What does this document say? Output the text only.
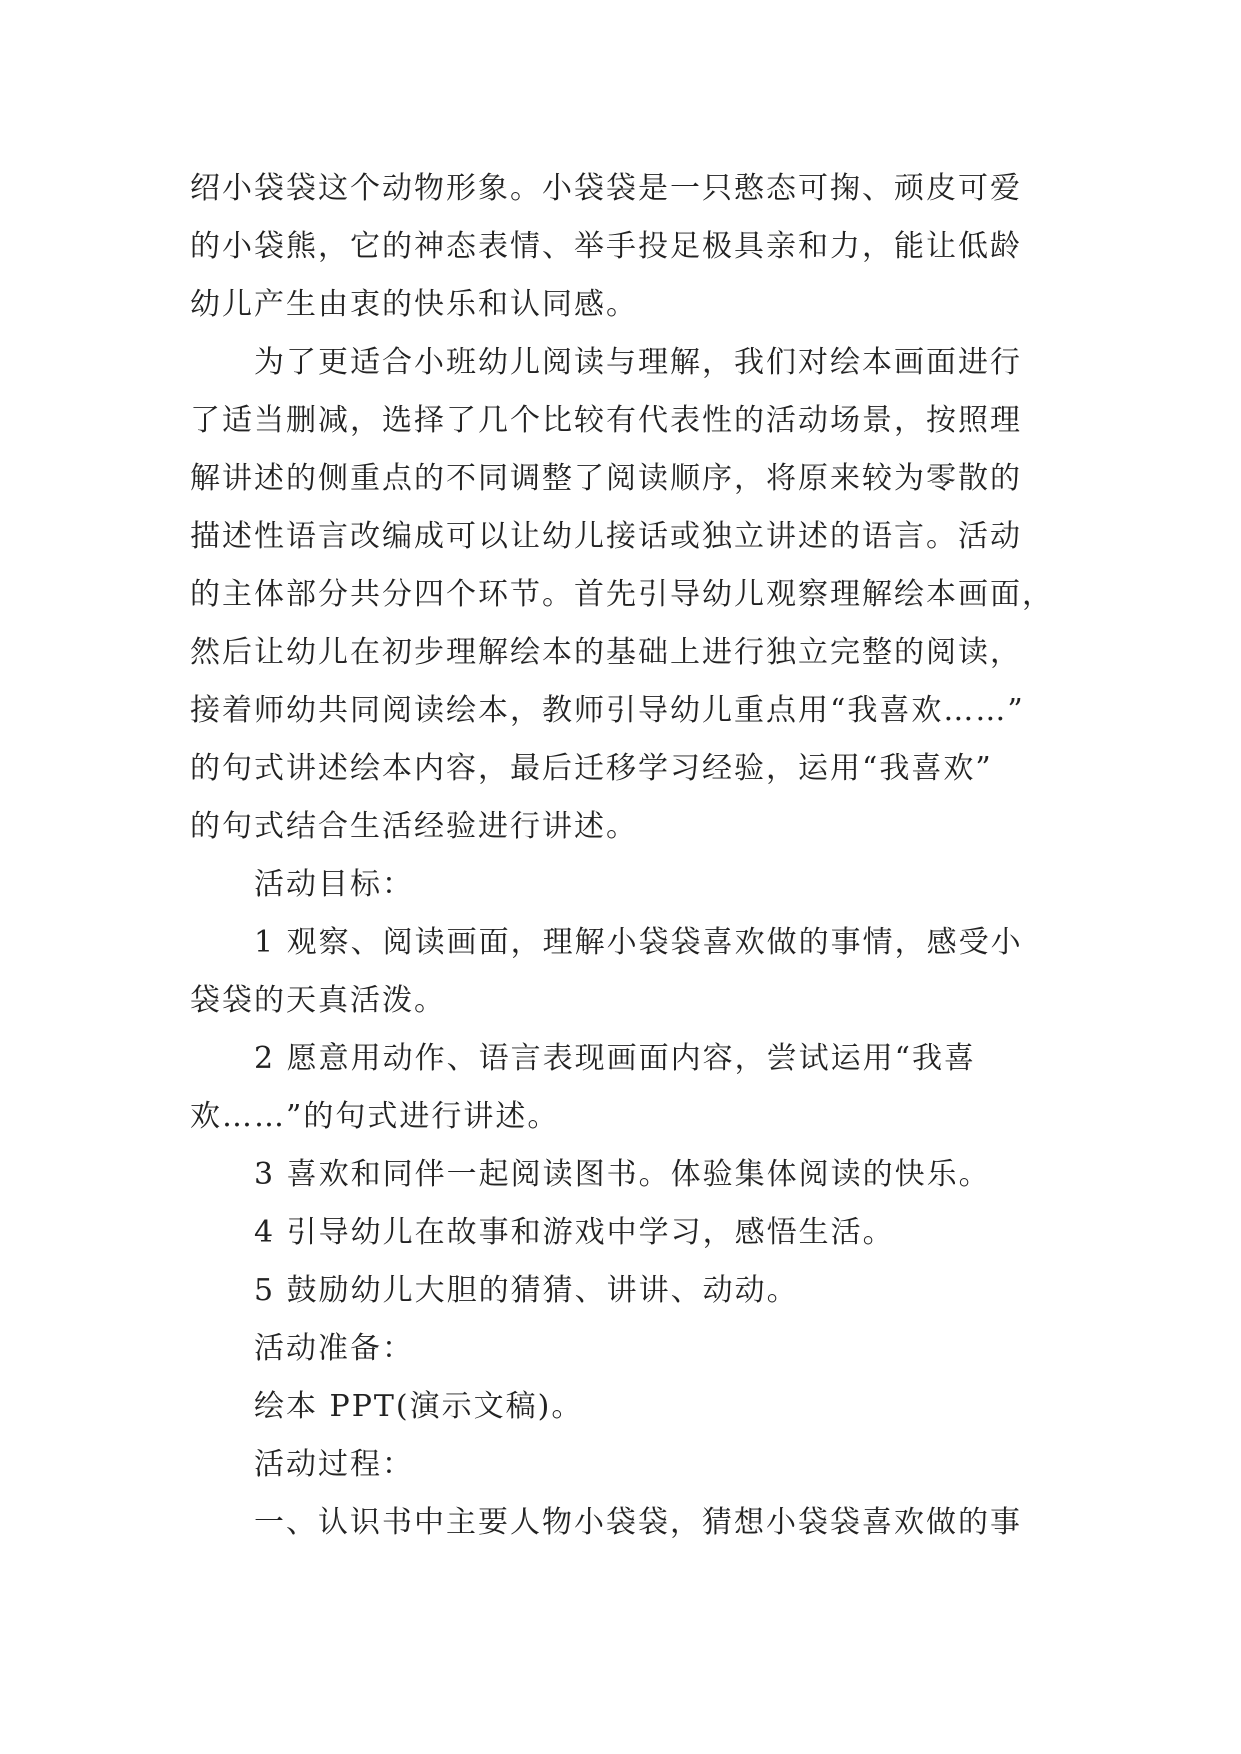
绍小袋袋这个动物形象。小袋袋是一只憨态可掬、顽皮可爱
的小袋熊，它的神态表情、举手投足极具亲和力，能让低龄
幼儿产生由衷的快乐和认同感。
为了更适合小班幼儿阅读与理解，我们对绘本画面进行
了适当删减，选择了几个比较有代表性的活动场景，按照理
解讲述的侧重点的不同调整了阅读顺序，将原来较为零散的
描述性语言改编成可以让幼儿接话或独立讲述的语言。活动
的主体部分共分四个环节。首先引导幼儿观察理解绘本画面，
然后让幼儿在初步理解绘本的基础上进行独立完整的阅读，
接着师幼共同阅读绘本，教师引导幼儿重点用“我喜欢……”
的句式讲述绘本内容，最后迁移学习经验，运用“我喜欢”
的句式结合生活经验进行讲述。
活动目标：
1 观察、阅读画面，理解小袋袋喜欢做的事情，感受小
袋袋的天真活泼。
2 愿意用动作、语言表现画面内容，尝试运用“我喜
欢……”的句式进行讲述。
3 喜欢和同伴一起阅读图书。体验集体阅读的快乐。
4 引导幼儿在故事和游戏中学习，感悟生活。
5 鼓励幼儿大胆的猜猜、讲讲、动动。
活动准备：
绘本 PPT(演示文稿)。
活动过程：
一、认识书中主要人物小袋袋，猜想小袋袋喜欢做的事
